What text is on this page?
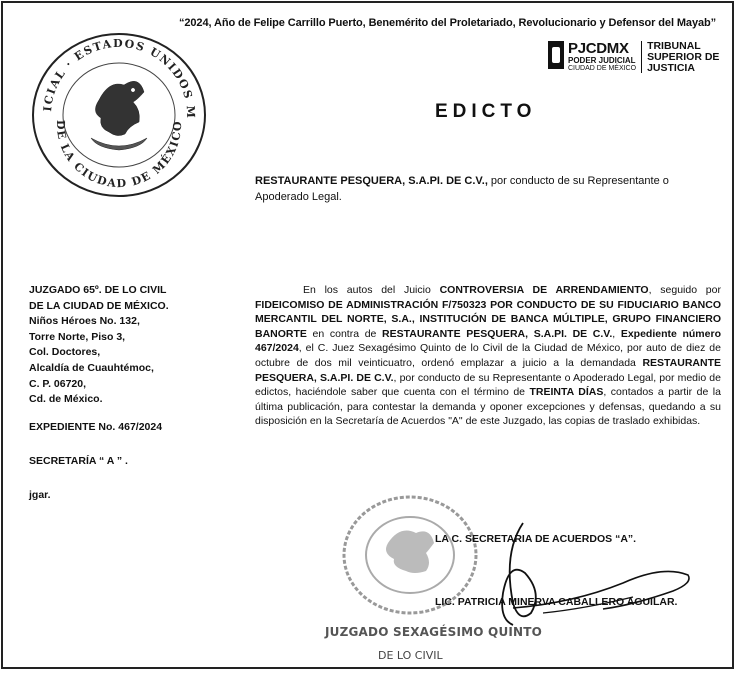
“2024, Año de Felipe Carrillo Puerto, Benemérito del Proletariado, Revolucionario y Defensor del Mayab”
ICIAL · ESTADOS UNIDOS M
DE LA CIUDAD DE MÉXICO
PJCDMX
PODER JUDICIAL
CIUDAD DE MÉXICO
TRIBUNAL
SUPERIOR DE
JUSTICIA
EDICTO
RESTAURANTE PESQUERA, S.A.PI. DE C.V., por conducto de su Representante o Apoderado Legal.
JUZGADO 65º. DE LO CIVIL
DE LA CIUDAD DE MÉXICO.
Niños Héroes No. 132,
Torre Norte, Piso 3,
Col. Doctores,
Alcaldía de Cuauhtémoc,
C. P. 06720,
Cd. de México.
EXPEDIENTE No. 467/2024
SECRETARÍA “ A ” .
jgar.
En los autos del Juicio CONTROVERSIA DE ARRENDAMIENTO, seguido por FIDEICOMISO DE ADMINISTRACIÓN F/750323 POR CONDUCTO DE SU FIDUCIARIO BANCO MERCANTIL DEL NORTE, S.A., INSTITUCIÓN DE BANCA MÚLTIPLE, GRUPO FINANCIERO BANORTE en contra de RESTAURANTE PESQUERA, S.A.PI. DE C.V., Expediente número 467/2024, el C. Juez Sexagésimo Quinto de lo Civil de la Ciudad de México, por auto de diez de octubre de dos mil veinticuatro, ordenó emplazar a juicio a la demandada RESTAURANTE PESQUERA, S.A.PI. DE C.V., por conducto de su Representante o Apoderado Legal, por medio de edictos, haciéndole saber que cuenta con el término de TREINTA DÍAS, contados a partir de la última publicación, para contestar la demanda y oponer excepciones y defensas, quedando a su disposición en la Secretaría de Acuerdos "A" de este Juzgado, las copias de traslado exhibidas.
LA C. SECRETARIA DE ACUERDOS “A”.
LIC. PATRICIA MINERVA CABALLERO AGUILAR.
JUZGADO SEXAGÉSIMO QUINTO
DE LO CIVIL
